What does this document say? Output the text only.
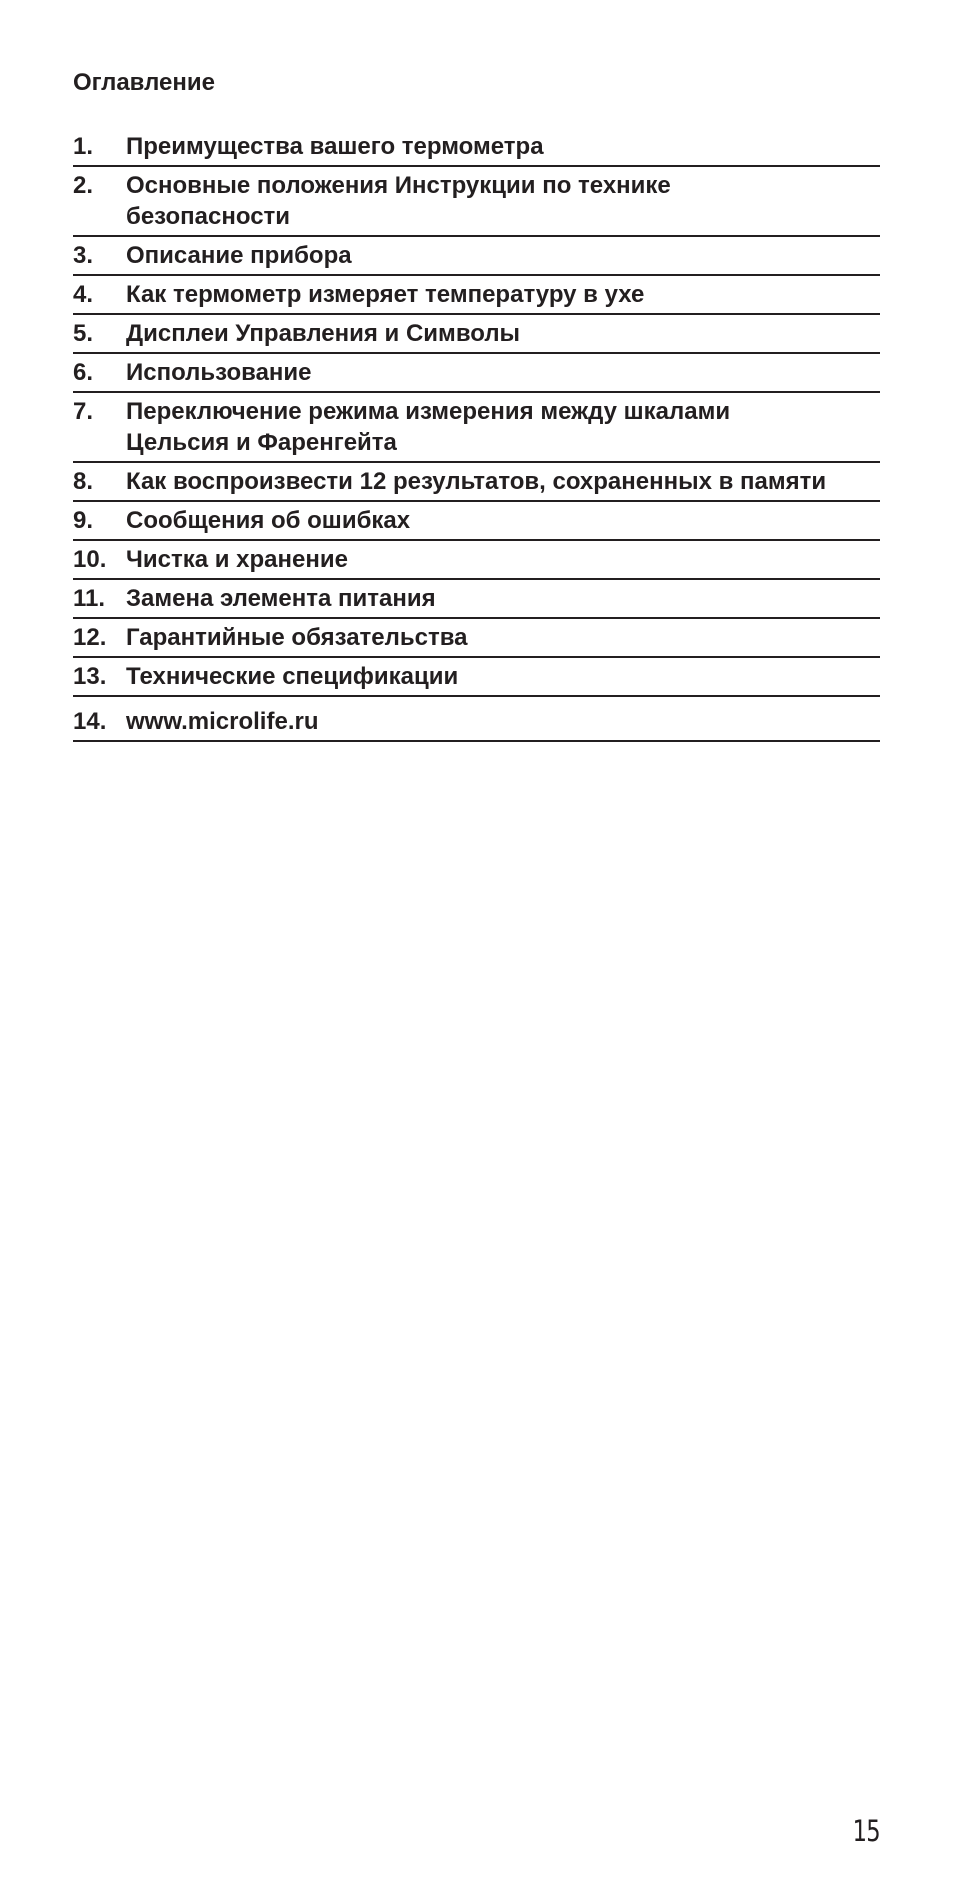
Оглавление
1.	Преимущества вашего термометра
2.	Основные положения Инструкции по технике безопасности
3.	Описание прибора
4.	Как термометр измеряет температуру в ухе
5.	Дисплеи Управления и Символы
6.	Использование
7.	Переключение режима измерения между шкалами Цельсия и Фаренгейта
8.	Как воспроизвести 12 результатов, сохраненных в памяти
9.	Сообщения об ошибках
10. Чистка и хранение
11. Замена элемента питания
12. Гарантийные обязательства
13. Технические спецификации
14. www.microlife.ru
15
